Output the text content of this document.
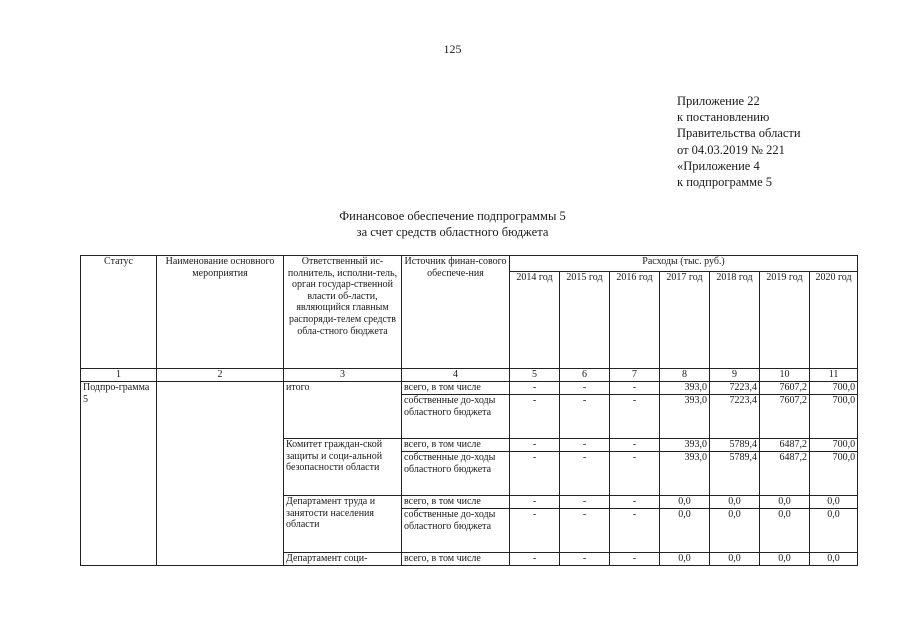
125
Приложение 22
к постановлению
Правительства области
от 04.03.2019 № 221
«Приложение 4
к подпрограмме 5
Финансовое обеспечение подпрограммы 5
за счет средств областного бюджета
Статус	Наименование основного мероприятия	Ответственный ис-полнитель, исполни-тель, орган государ-ственной власти об-ласти, являющийся главным распоряди-телем средств обла-стного бюджета	Источник финан-сового обеспече-ния	Расходы (тыс. руб.)						
				2014 год	2015 год	2016 год	2017 год	2018 год	2019 год	2020 год
1	2	3	4	5	6	7	8	9	10	11
Подпро-грамма 5		итого	всего, в том числе	-	-	-	393,0	7223,4	7607,2	700,0
			собственные до-ходы областного бюджета	-	-	-	393,0	7223,4	7607,2	700,0
		Комитет граждан-ской защиты и соци-альной безопасности области	всего, в том числе	-	-	-	393,0	5789,4	6487,2	700,0
			собственные до-ходы областного бюджета	-	-	-	393,0	5789,4	6487,2	700,0
		Департамент труда и занятости населения области	всего, в том числе	-	-	-	0,0	0,0	0,0	0,0
			собственные до-ходы областного бюджета	-	-	-	0,0	0,0	0,0	0,0
		Департамент соци-	всего, в том числе	-	-	-	0,0	0,0	0,0	0,0
